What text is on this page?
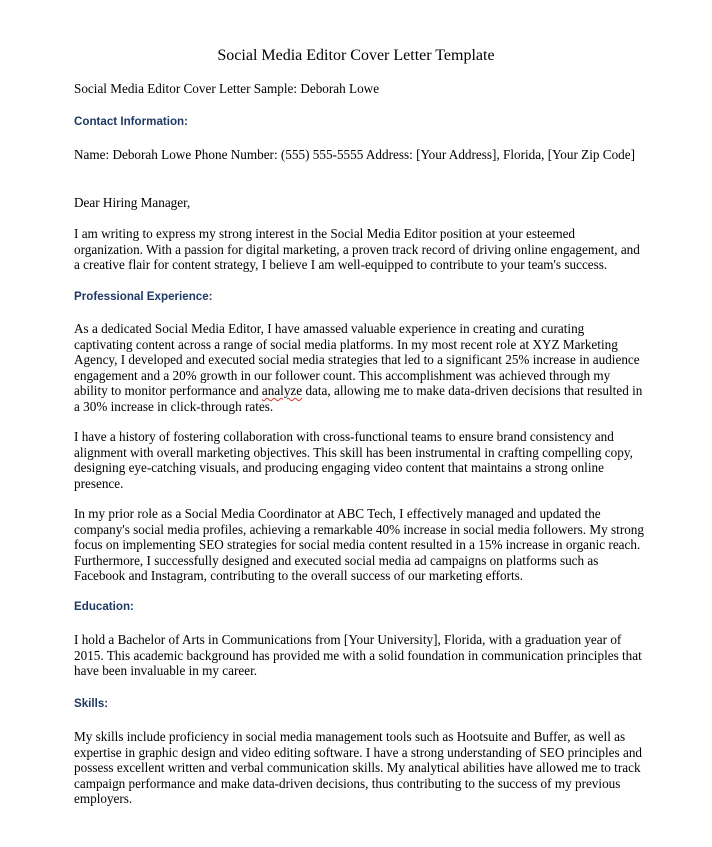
Social Media Editor Cover Letter Template
Social Media Editor Cover Letter Sample: Deborah Lowe
Contact Information:
Name: Deborah Lowe Phone Number: (555) 555-5555 Address: [Your Address], Florida, [Your Zip Code]
Dear Hiring Manager,
I am writing to express my strong interest in the Social Media Editor position at your esteemed organization. With a passion for digital marketing, a proven track record of driving online engagement, and a creative flair for content strategy, I believe I am well-equipped to contribute to your team's success.
Professional Experience:
As a dedicated Social Media Editor, I have amassed valuable experience in creating and curating captivating content across a range of social media platforms. In my most recent role at XYZ Marketing Agency, I developed and executed social media strategies that led to a significant 25% increase in audience engagement and a 20% growth in our follower count. This accomplishment was achieved through my ability to monitor performance and analyze data, allowing me to make data-driven decisions that resulted in a 30% increase in click-through rates.
I have a history of fostering collaboration with cross-functional teams to ensure brand consistency and alignment with overall marketing objectives. This skill has been instrumental in crafting compelling copy, designing eye-catching visuals, and producing engaging video content that maintains a strong online presence.
In my prior role as a Social Media Coordinator at ABC Tech, I effectively managed and updated the company's social media profiles, achieving a remarkable 40% increase in social media followers. My strong focus on implementing SEO strategies for social media content resulted in a 15% increase in organic reach. Furthermore, I successfully designed and executed social media ad campaigns on platforms such as Facebook and Instagram, contributing to the overall success of our marketing efforts.
Education:
I hold a Bachelor of Arts in Communications from [Your University], Florida, with a graduation year of 2015. This academic background has provided me with a solid foundation in communication principles that have been invaluable in my career.
Skills:
My skills include proficiency in social media management tools such as Hootsuite and Buffer, as well as expertise in graphic design and video editing software. I have a strong understanding of SEO principles and possess excellent written and verbal communication skills. My analytical abilities have allowed me to track campaign performance and make data-driven decisions, thus contributing to the success of my previous employers.
